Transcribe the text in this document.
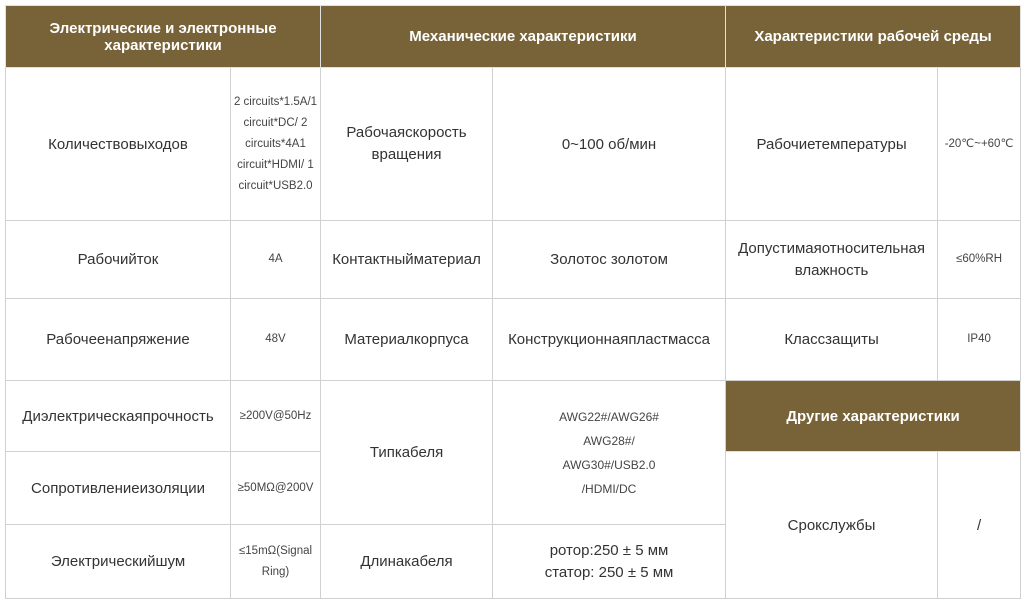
Электрические и электронные характеристики		Механические характеристики		Характеристики рабочей среды	
Количествовыходов	2 circuits*1.5A/1 circuit*DC/ 2 circuits*4A1 circuit*HDMI/ 1 circuit*USB2.0	Рабочаяскорость вращения	0~100 об/мин	Рабочиетемпературы	-20℃~+60℃
Рабочийток	4A	Контактныйматериал	Золотос золотом	Допустимаяотносительная влажность	≤60%RH
Рабочеенапряжение	48V	Материалкорпуса	Конструкционнаяпластмасса	Классзащиты	IP40
Диэлектрическаяпрочность	≥200V@50Hz	Типкабеля	AWG22#/AWG26# AWG28#/ AWG30#/USB2.0 /HDMI/DC	Другие характеристики	
Сопротивлениеизоляции	≥50MΩ@200V			Срокслужбы	/
Электрическийшум	≤15mΩ(Signal Ring)	Длинакабеля	ротор:250 ± 5 мм
статор: 250 ± 5 мм		
